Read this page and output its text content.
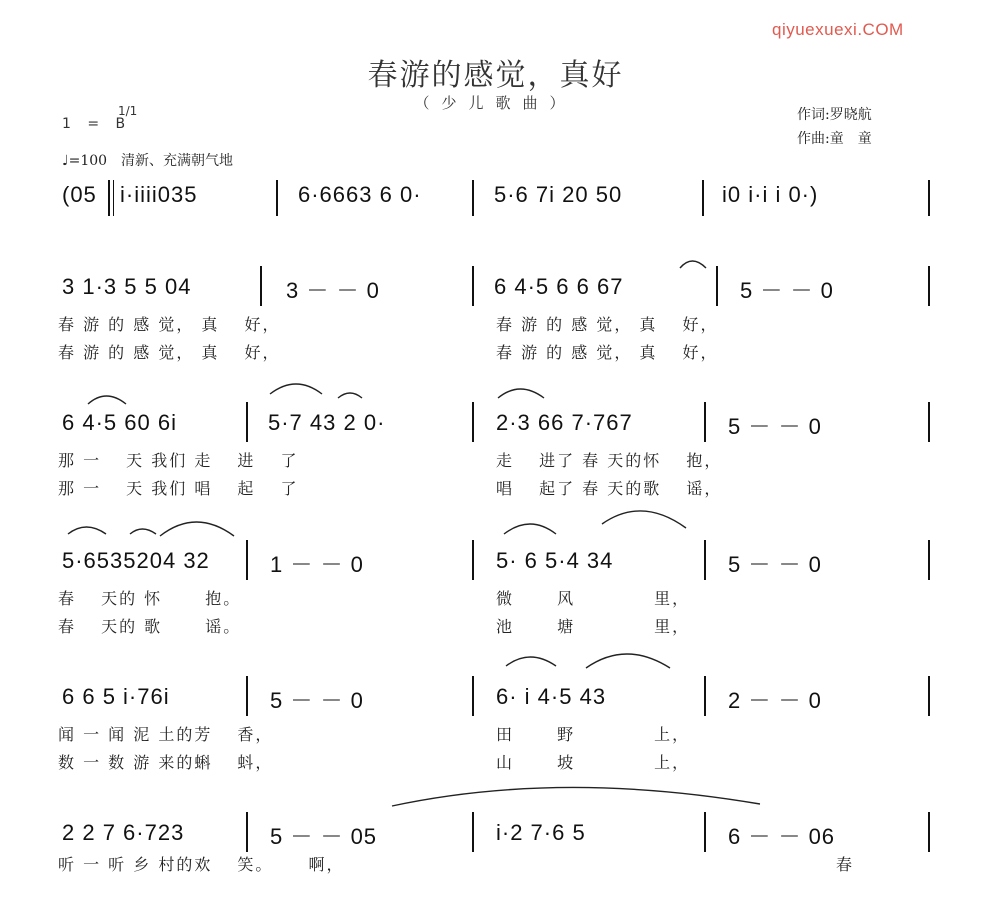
qiyuexuexi.COM
春游的感觉，真好
（少儿歌曲）
作词:罗晓航
作曲:童　童
1 = B
1/1
♩=100　清新、充满朝气地
(05 i·iiii035	6·6663 6 0·	5·6 7i 20 50	i0 i·i i 0·)
3 1·3 5 5 04	3 － － 0	6 4·5 6 6 67	5 － － 0
春 游 的 感 觉， 真　 好，	春 游 的 感 觉， 真　 好，
春 游 的 感 觉， 真　 好，	春 游 的 感 觉， 真　 好，
6 4·5 60 6i	5·7 43 2 0·	2·3 66 7·767	5 － － 0
那 一　 天 我们 走　 进　 了	走　 进了 春 天的怀　 抱，
那 一　 天 我们 唱　 起　 了	唱　 起了 春 天的歌　 谣，
5·6535204 32	1 － － 0	5· 6 5·4 34	5 － － 0
春　 天的 怀　　 抱。	微　　 风　　　　 里，
春　 天的 歌　　 谣。	池　　 塘　　　　 里，
6 6 5 i·76i	5 － － 0	6· i 4·5 43	2 － － 0
闻 一 闻 泥 土的芳　 香，	田　　 野　　　　 上，
数 一 数 游 来的蝌　 蚪，	山　　 坡　　　　 上，
2 2 7 6·723	5 － － 05	i·2 7·6 5	6 － － 06
听 一 听 乡 村的欢　 笑。　　 啊，	春
